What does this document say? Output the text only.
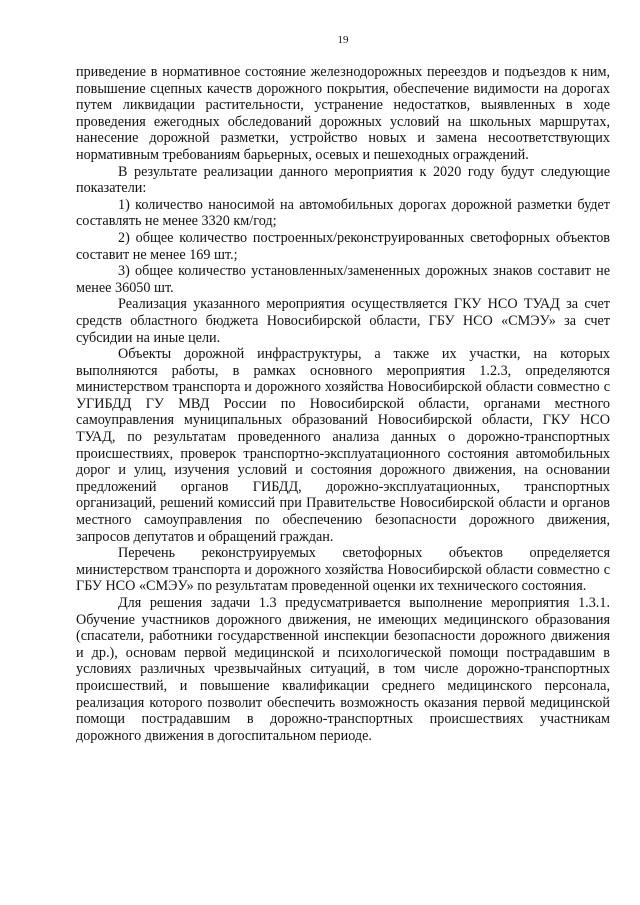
19

приведение в нормативное состояние железнодорожных переездов и подъездов к ним, повышение сцепных качеств дорожного покрытия, обеспечение видимости на дорогах путем ликвидации растительности, устранение недостатков, выявленных в ходе проведения ежегодных обследований дорожных условий на школьных маршрутах, нанесение дорожной разметки, устройство новых и замена несоответствующих нормативным требованиям барьерных, осевых и пешеходных ограждений.

В результате реализации данного мероприятия к 2020 году будут следующие показатели:

1) количество наносимой на автомобильных дорогах дорожной разметки будет составлять не менее 3320 км/год;

2) общее количество построенных/реконструированных светофорных объектов составит не менее 169 шт.;

3) общее количество установленных/замененных дорожных знаков составит не менее 36050 шт.

Реализация указанного мероприятия осуществляется ГКУ НСО ТУАД за счет средств областного бюджета Новосибирской области, ГБУ НСО «СМЭУ» за счет субсидии на иные цели.

Объекты дорожной инфраструктуры, а также их участки, на которых выполняются работы, в рамках основного мероприятия 1.2.3, определяются министерством транспорта и дорожного хозяйства Новосибирской области совместно с УГИБДД ГУ МВД России по Новосибирской области, органами местного самоуправления муниципальных образований Новосибирской области, ГКУ НСО ТУАД, по результатам проведенного анализа данных о дорожно-транспортных происшествиях, проверок транспортно-эксплуатационного состояния автомобильных дорог и улиц, изучения условий и состояния дорожного движения, на основании предложений органов ГИБДД, дорожно-эксплуатационных, транспортных организаций, решений комиссий при Правительстве Новосибирской области и органов местного самоуправления по обеспечению безопасности дорожного движения, запросов депутатов и обращений граждан.

Перечень реконструируемых светофорных объектов определяется министерством транспорта и дорожного хозяйства Новосибирской области совместно с ГБУ НСО «СМЭУ» по результатам проведенной оценки их технического состояния.

Для решения задачи 1.3 предусматривается выполнение мероприятия 1.3.1. Обучение участников дорожного движения, не имеющих медицинского образования (спасатели, работники государственной инспекции безопасности дорожного движения и др.), основам первой медицинской и психологической помощи пострадавшим в условиях различных чрезвычайных ситуаций, в том числе дорожно-транспортных происшествий, и повышение квалификации среднего медицинского персонала, реализация которого позволит обеспечить возможность оказания первой медицинской помощи пострадавшим в дорожно-транспортных происшествиях участникам дорожного движения в догоспитальном периоде.
